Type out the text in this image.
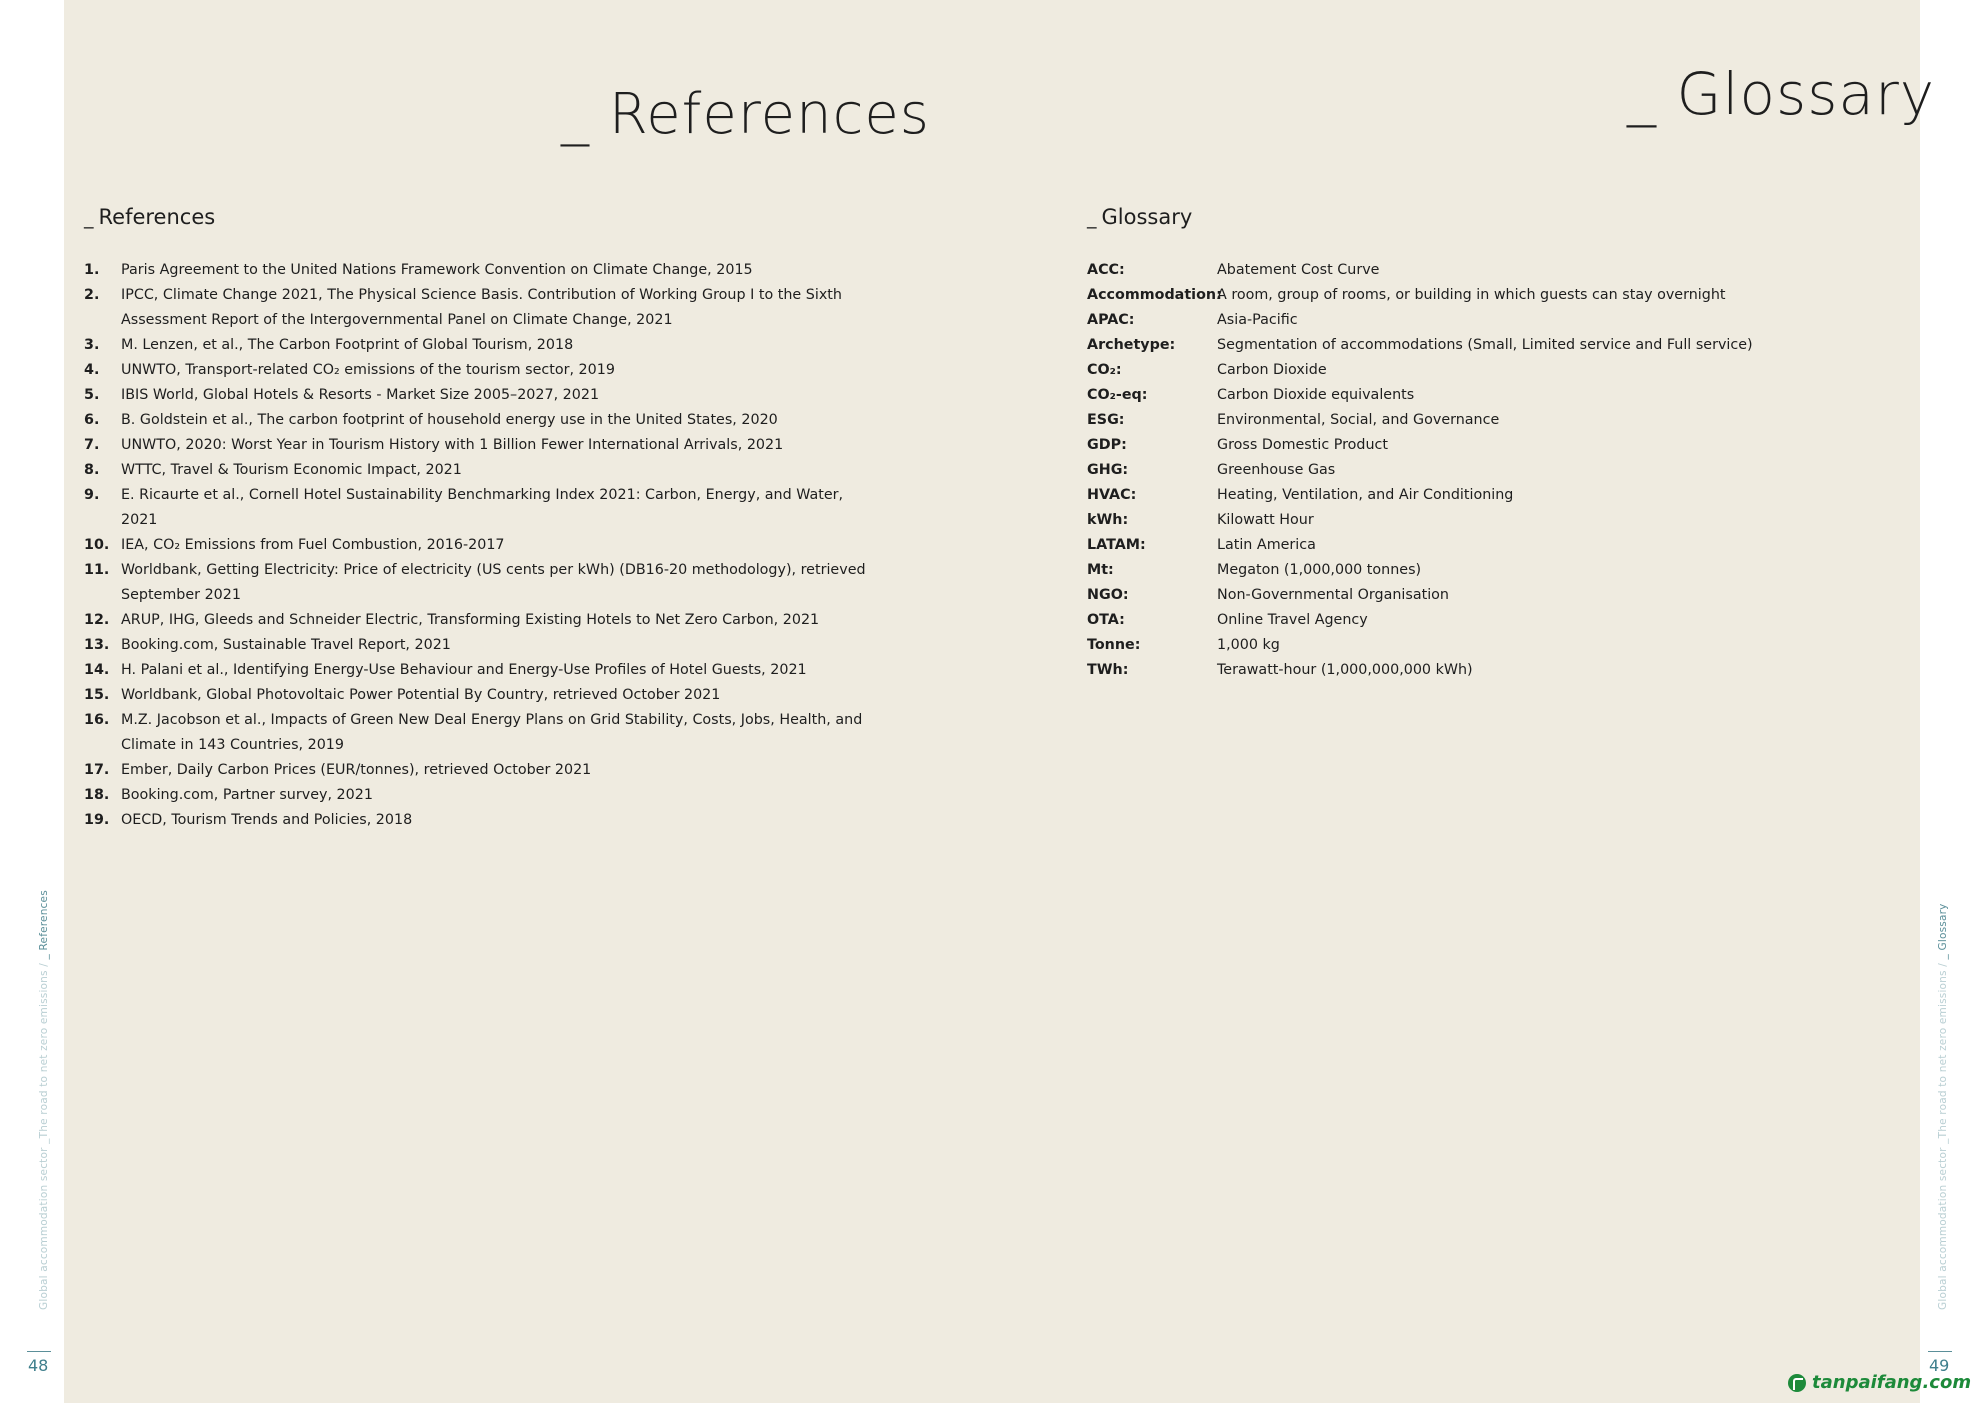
_ References	_ Glossary
_ References	_ Glossary
1. Paris Agreement to the United Nations Framework Convention on Climate Change, 2015
2. IPCC, Climate Change 2021, The Physical Science Basis. Contribution of Working Group I to the Sixth Assessment Report of the Intergovernmental Panel on Climate Change, 2021
3. M. Lenzen, et al., The Carbon Footprint of Global Tourism, 2018
4. UNWTO, Transport-related CO₂ emissions of the tourism sector, 2019
5. IBIS World, Global Hotels & Resorts - Market Size 2005–2027, 2021
6. B. Goldstein et al., The carbon footprint of household energy use in the United States, 2020
7. UNWTO, 2020: Worst Year in Tourism History with 1 Billion Fewer International Arrivals, 2021
8. WTTC, Travel & Tourism Economic Impact, 2021
9. E. Ricaurte et al., Cornell Hotel Sustainability Benchmarking Index 2021: Carbon, Energy, and Water, 2021
10. IEA, CO₂ Emissions from Fuel Combustion, 2016-2017
11. Worldbank, Getting Electricity: Price of electricity (US cents per kWh) (DB16-20 methodology), retrieved September 2021
12. ARUP, IHG, Gleeds and Schneider Electric, Transforming Existing Hotels to Net Zero Carbon, 2021
13. Booking.com, Sustainable Travel Report, 2021
14. H. Palani et al., Identifying Energy-Use Behaviour and Energy-Use Profiles of Hotel Guests, 2021
15. Worldbank, Global Photovoltaic Power Potential By Country, retrieved October 2021
16. M.Z. Jacobson et al., Impacts of Green New Deal Energy Plans on Grid Stability, Costs, Jobs, Health, and Climate in 143 Countries, 2019
17. Ember, Daily Carbon Prices (EUR/tonnes), retrieved October 2021
18. Booking.com, Partner survey, 2021
19. OECD, Tourism Trends and Policies, 2018
ACC:	Abatement Cost Curve
Accommodation:
A room, group of rooms, or building in which guests can stay overnight
APAC:	Asia-Pacific
Archetype:	Segmentation of accommodations (Small, Limited service and Full service)
CO₂:	Carbon Dioxide
CO₂-eq:	Carbon Dioxide equivalents
ESG:	Environmental, Social, and Governance
GDP:	Gross Domestic Product
GHG:	Greenhouse Gas
HVAC:	Heating, Ventilation, and Air Conditioning
kWh:	Kilowatt Hour
LATAM:	Latin America
Mt:	Megaton (1,000,000 tonnes)
NGO:	Non-Governmental Organisation
OTA:	Online Travel Agency
Tonne:	1,000 kg
TWh:	Terawatt-hour (1,000,000,000 kWh)
Global accommodation sector _The road to net zero emissions / _ References
Global accommodation sector _The road to net zero emissions / _ Glossary
48	49
tanpaifang.com
